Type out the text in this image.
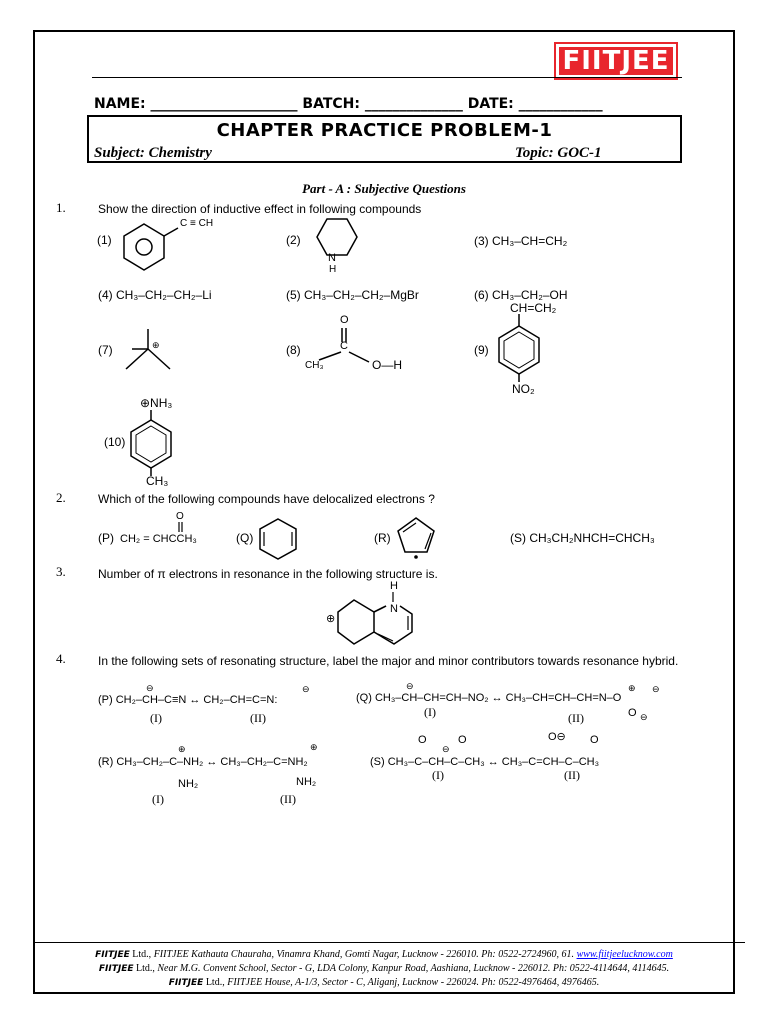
FIITJEE
NAME: _____________________ BATCH: ______________ DATE: ____________
CHAPTER PRACTICE PROBLEM-1
Subject: Chemistry	Topic: GOC-1
Part - A : Subjective Questions
1.	Show the direction of inductive effect in following compounds
(1)
C ≡ CH
(2)
N
H
(3) CH₃–CH=CH₂
(4) CH₃–CH₂–CH₂–Li	(5) CH₃–CH₂–CH₂–MgBr	(6) CH₃–CH₂–OH
(7)	⊕	(8)
O
C
CH₃	O—H
(9)
CH=CH₂
NO₂
⊕NH₃
(10)
CH₃
2.	Which of the following compounds have delocalized electrons ?
(P)
O
CH₂ = CHCCH₃	(Q)	(R)	(S) CH₃CH₂NHCH=CHCH₃
3.	Number of π electrons in resonance in the following structure is.
H
N
⊕
4.	In the following sets of resonating structure, label the major and minor contributors towards resonance hybrid.
(P) CH₂–CH–C≡N ↔ CH₂–CH=C=N:
⊖	⊖
(I)	(II)
(Q) CH₃–CH–CH=CH–NO₂ ↔ CH₃–CH=CH–CH=N–O
⊖	⊕ ⊖
O ⊖
(I)	(II)
(R) CH₃–CH₂–C–NH₂ ↔ CH₃–CH₂–C=NH₂
⊕	⊕
NH₂	NH₂
(I)	(II)
(S) CH₃–C–CH–C–CH₃ ↔ CH₃–C=CH–C–CH₃
O	O	O⊖ O
⊖
(I)	(II)
FIITJEE Ltd., FIITJEE Kathauta Chauraha, Vinamra Khand, Gomti Nagar, Lucknow - 226010. Ph: 0522-2724960, 61. www.fiitjeelucknow.com
FIITJEE Ltd., Near M.G. Convent School, Sector - G, LDA Colony, Kanpur Road, Aashiana, Lucknow - 226012. Ph: 0522-4114644, 4114645.
FIITJEE Ltd., FIITJEE House, A-1/3, Sector - C, Aliganj, Lucknow - 226024. Ph: 0522-4976464, 4976465.
